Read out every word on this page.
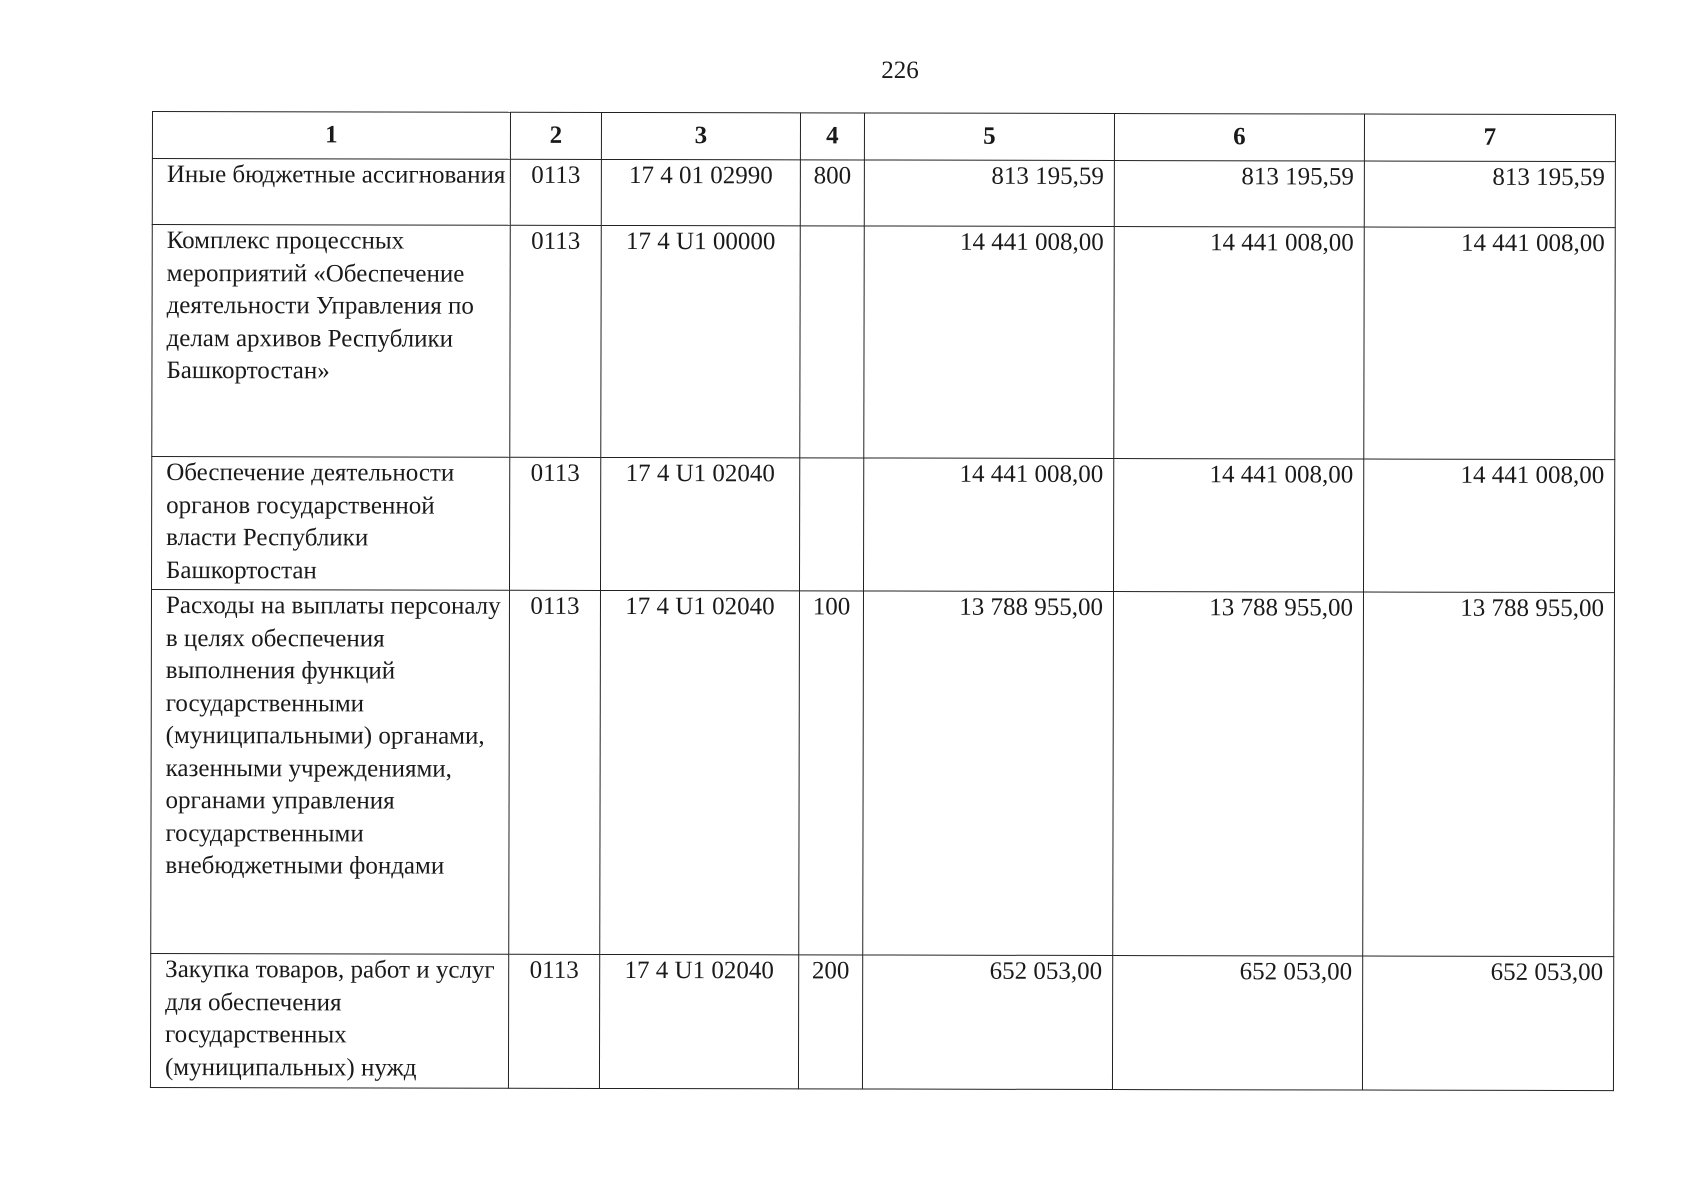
226
1	2	3	4	5	6	7
Иные бюджетные ассигнования	0113	17 4 01 02990	800	813 195,59	813 195,59	813 195,59
Комплекс процессных мероприятий «Обеспечение деятельности Управления по делам архивов Республики Башкортостан»	0113	17 4 U1 00000		14 441 008,00	14 441 008,00	14 441 008,00
Обеспечение деятельности органов государственной власти Республики Башкортостан	0113	17 4 U1 02040		14 441 008,00	14 441 008,00	14 441 008,00
Расходы на выплаты персоналу в целях обеспечения выполнения функций государственными (муниципальными) органами, казенными учреждениями, органами управления государственными внебюджетными фондами	0113	17 4 U1 02040	100	13 788 955,00	13 788 955,00	13 788 955,00
Закупка товаров, работ и услуг для обеспечения государственных (муниципальных) нужд	0113	17 4 U1 02040	200	652 053,00	652 053,00	652 053,00
